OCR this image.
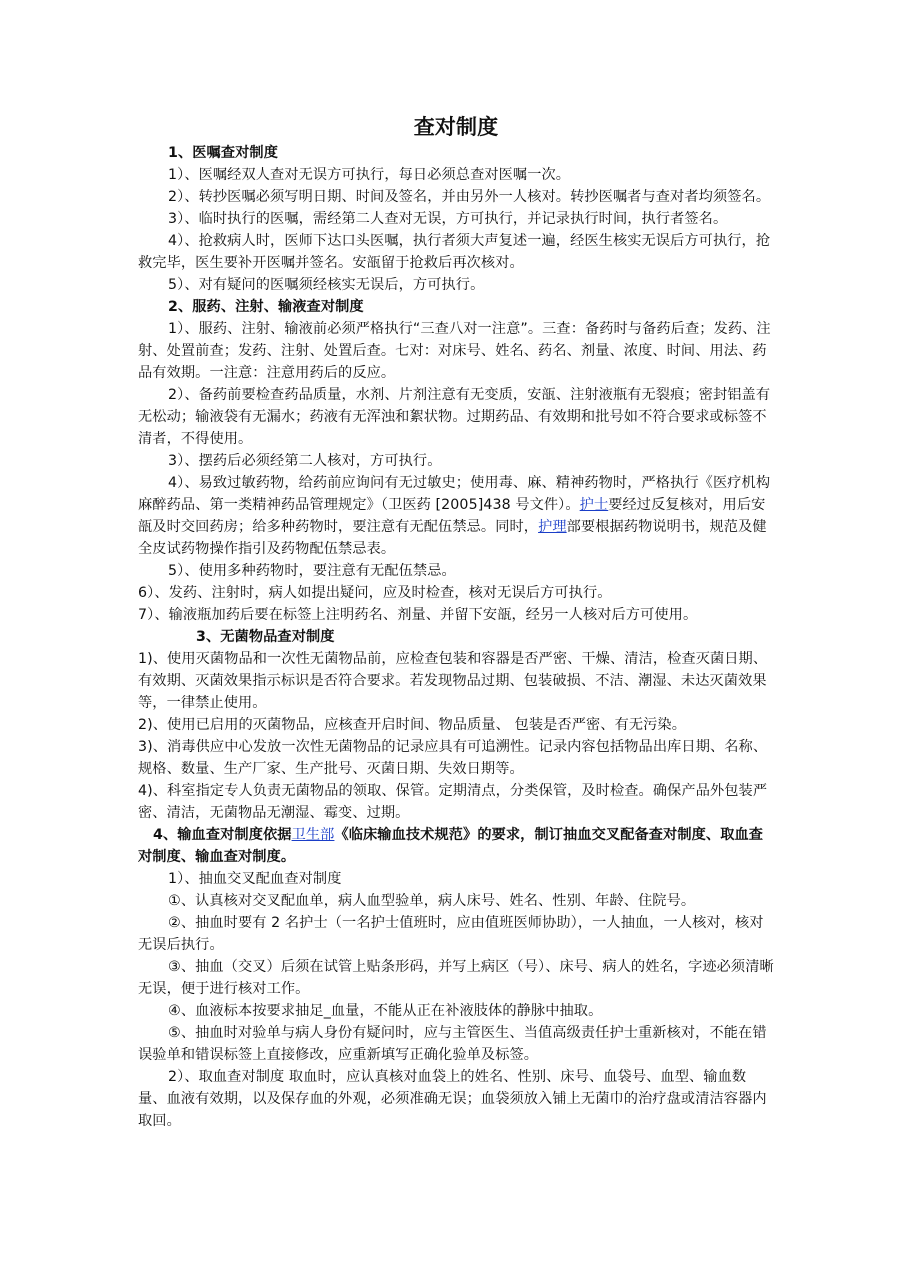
查对制度

1、医嘱查对制度

1）、医嘱经双人查对无误方可执行，每日必须总查对医嘱一次。

2）、转抄医嘱必须写明日期、时间及签名，并由另外一人核对。转抄医嘱者与查对者均须签名。

3）、临时执行的医嘱，需经第二人查对无误，方可执行，并记录执行时间，执行者签名。

4）、抢救病人时，医师下达口头医嘱，执行者须大声复述一遍，经医生核实无误后方可执行，抢救完毕，医生要补开医嘱并签名。安瓿留于抢救后再次核对。

5）、对有疑问的医嘱须经核实无误后，方可执行。

2、服药、注射、输液查对制度

1）、服药、注射、输液前必须严格执行“三查八对一注意”。三查：备药时与备药后查；发药、注射、处置前查；发药、注射、处置后查。七对：对床号、姓名、药名、剂量、浓度、时间、用法、药品有效期。一注意：注意用药后的反应。

2）、备药前要检查药品质量，水剂、片剂注意有无变质，安瓿、注射液瓶有无裂痕；密封铝盖有无松动；输液袋有无漏水；药液有无浑浊和絮状物。过期药品、有效期和批号如不符合要求或标签不清者，不得使用。

3）、摆药后必须经第二人核对，方可执行。

4）、易致过敏药物，给药前应询问有无过敏史；使用毒、麻、精神药物时，严格执行《医疗机构麻醉药品、第一类精神药品管理规定》（卫医药 [2005]438 号文件）。护士要经过反复核对，用后安瓿及时交回药房；给多种药物时，要注意有无配伍禁忌。同时，护理部要根据药物说明书，规范及健全皮试药物操作指引及药物配伍禁忌表。

5）、使用多种药物时，要注意有无配伍禁忌。

6）、发药、注射时，病人如提出疑问，应及时检查，核对无误后方可执行。

7）、输液瓶加药后要在标签上注明药名、剂量、并留下安瓿，经另一人核对后方可使用。

3、无菌物品查对制度

1)、使用灭菌物品和一次性无菌物品前，应检查包装和容器是否严密、干燥、清洁，检查灭菌日期、有效期、灭菌效果指示标识是否符合要求。若发现物品过期、包装破损、不洁、潮湿、未达灭菌效果等，一律禁止使用。

2)、使用已启用的灭菌物品，应核查开启时间、物品质量、 包装是否严密、有无污染。

3)、消毒供应中心发放一次性无菌物品的记录应具有可追溯性。记录内容包括物品出库日期、名称、规格、数量、生产厂家、生产批号、灭菌日期、失效日期等。

4)、科室指定专人负责无菌物品的领取、保管。定期清点，分类保管，及时检查。确保产品外包装严密、清洁，无菌物品无潮湿、霉变、过期。

4、输血查对制度依据卫生部《临床输血技术规范》的要求，制订抽血交叉配备查对制度、取血查对制度、输血查对制度。

1）、抽血交叉配血查对制度

①、认真核对交叉配血单，病人血型验单，病人床号、姓名、性别、年龄、住院号。

②、抽血时要有 2 名护士（一名护士值班时，应由值班医师协助），一人抽血，一人核对，核对无误后执行。

③、抽血（交叉）后须在试管上贴条形码，并写上病区（号）、床号、病人的姓名，字迹必须清晰无误，便于进行核对工作。

④、血液标本按要求抽足_血量，不能从正在补液肢体的静脉中抽取。

⑤、抽血时对验单与病人身份有疑问时，应与主管医生、当值高级责任护士重新核对，不能在错误验单和错误标签上直接修改，应重新填写正确化验单及标签。

2）、取血查对制度 取血时，应认真核对血袋上的姓名、性别、床号、血袋号、血型、输血数量、血液有效期，以及保存血的外观，必须准确无误；血袋须放入铺上无菌巾的治疗盘或清洁容器内取回。
